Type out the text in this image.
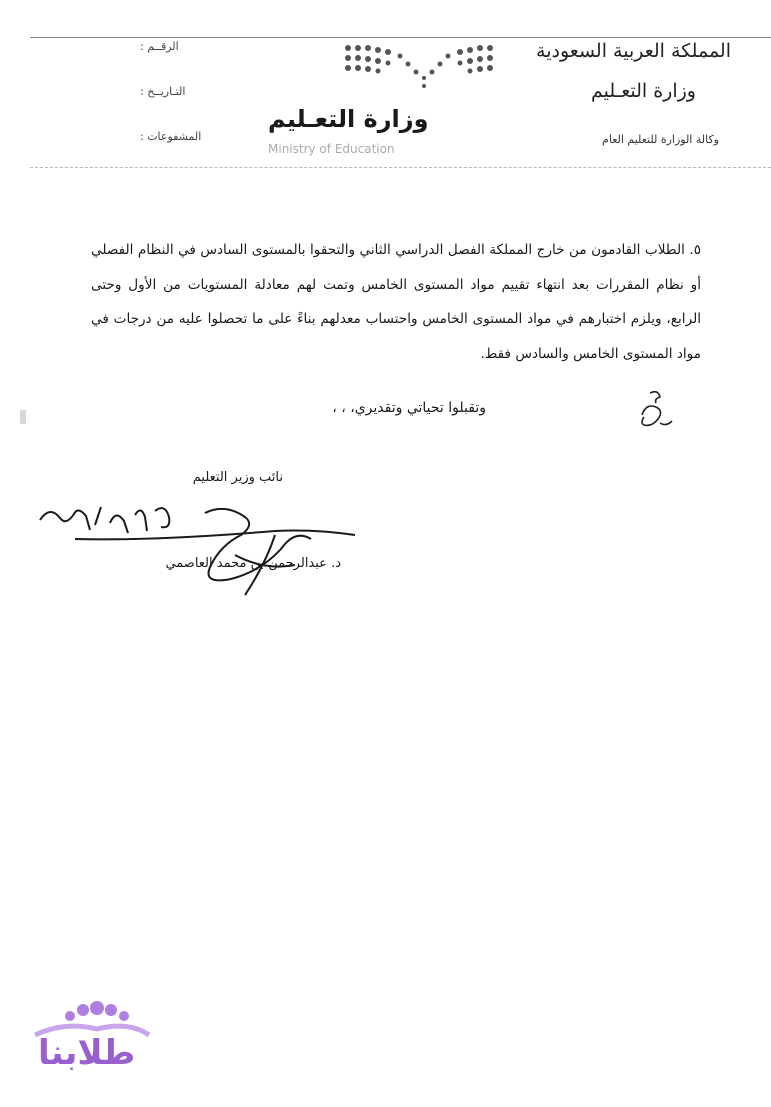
المملكة العربية السعودية
وزارة التعـليم
وكالة الوزارة للتعليم العام
الرقــم :
التـاريــخ :
المشفوعات :
وزارة التعـليم
Ministry of Education
٥. الطلاب القادمون من خارج المملكة الفصل الدراسي الثاني والتحقوا بالمستوى السادس في النظام الفصلي أو نظام المقررات بعد انتهاء تقييم مواد المستوى الخامس وتمت لهم معادلة المستويات من الأول وحتى الرابع، ويلزم اختبارهم في مواد المستوى الخامس واحتساب معدلهم بناءً على ما تحصلوا عليه من درجات في مواد المستوى الخامس والسادس فقط.
وتقبلوا تحياتي وتقديري، ، ،
نائب وزير التعليم
د. عبدالرحمن بن محمد العاصمي
طلابنا
